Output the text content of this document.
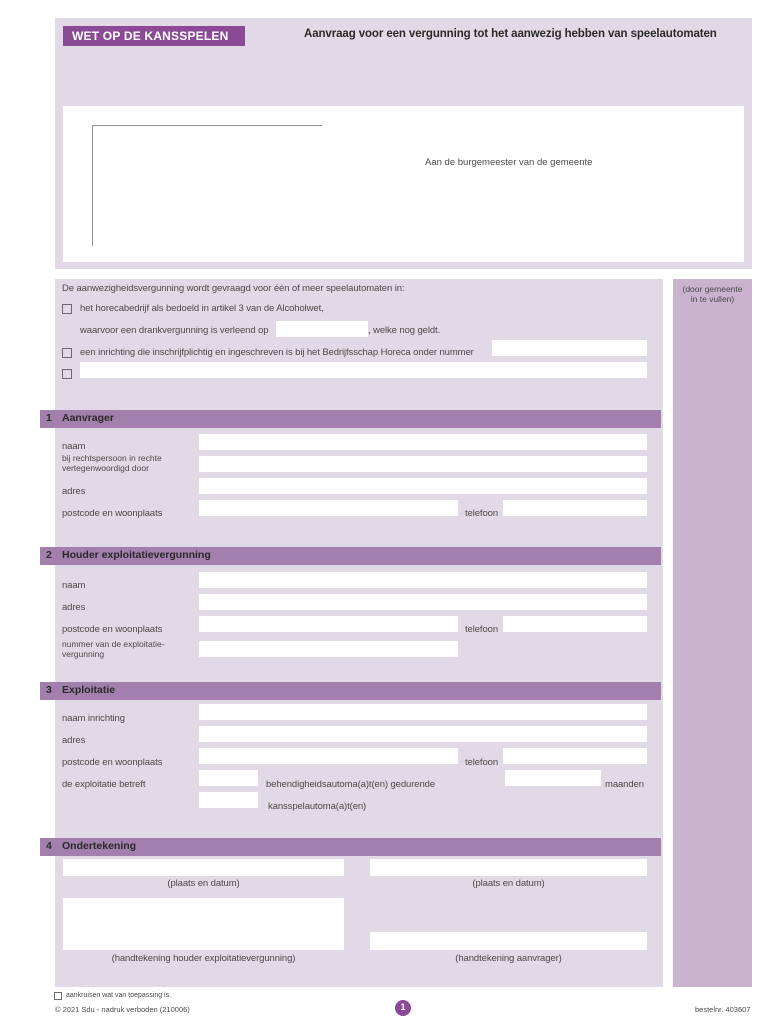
WET OP DE KANSSPELEN	Aanvraag voor een vergunning tot het aanwezig hebben van speelautomaten
Aan de burgemeester van de gemeente
(door gemeente
in te vullen)
De aanwezigheidsvergunning wordt gevraagd voor één of meer speelautomaten in:
het horecabedrijf als bedoeld in artikel 3 van de Alcoholwet,
waarvoor een drankvergunning is verleend op	, welke nog geldt.
een inrichting die inschrijfplichtig en ingeschreven is bij het Bedrijfsschap Horeca onder nummer
1 Aanvrager
naam
bij rechtspersoon in rechte
vertegenwoordigd door
adres
postcode en woonplaats	telefoon
2 Houder exploitatievergunning
naam
adres
postcode en woonplaats	telefoon
nummer van de exploitatie-
vergunning
3 Exploitatie
naam inrichting
adres
postcode en woonplaats	telefoon
de exploitatie betreft	behendigheidsautoma(a)t(en) gedurende	maanden
kansspelautoma(a)t(en)
4 Ondertekening
(plaats en datum)	(plaats en datum)
(handtekening houder exploitatievergunning)	(handtekening aanvrager)
aankruisen wat van toepassing is.
© 2021 Sdu - nadruk verboden (210006)	1	bestelnr. 403607
